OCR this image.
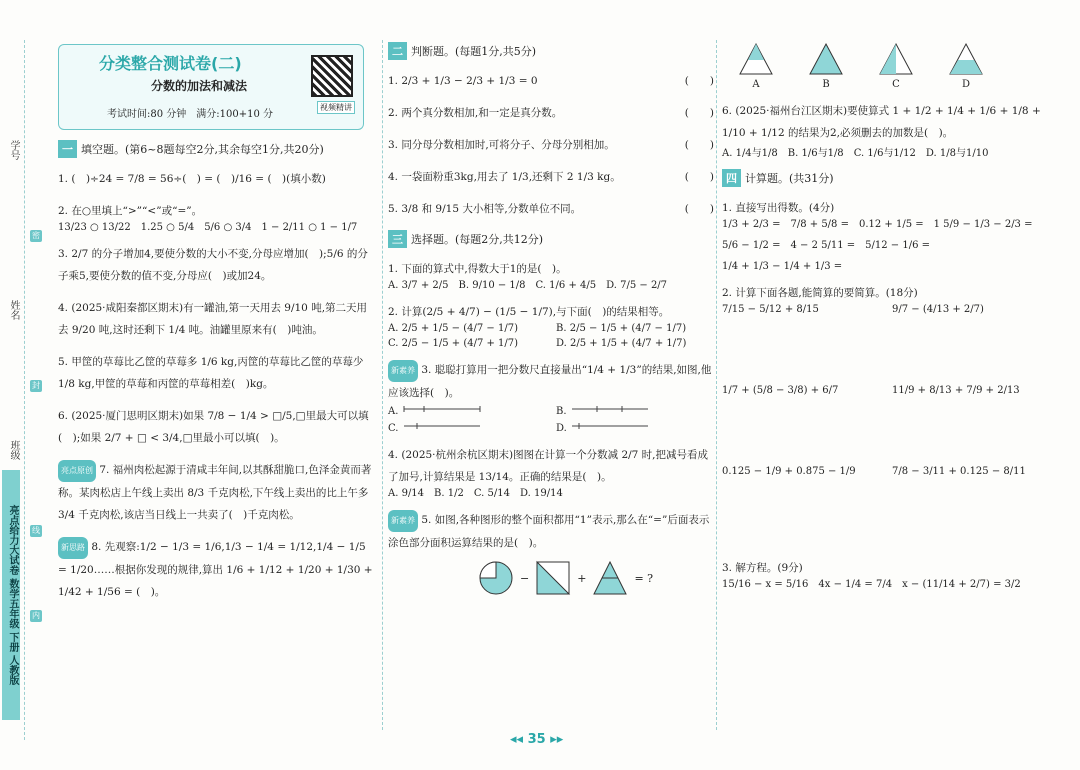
学号
姓名
班级
密
封
线
内
亮点给力大试卷 数学五年级 下册 人教版
分类整合测试卷(二)
分数的加法和减法
考试时间:80 分钟　满分:100+10 分
视频精讲
一 填空题。(第6~8题每空2分,其余每空1分,共20分)
1. (　)÷24 = 7/8 = 56÷(　) = (　)/16 = (　)(填小数)
2. 在○里填上“>”“<”或“=”。
13/23 ○ 13/22 1.25 ○ 5/4 5/6 ○ 3/4 1 − 2/11 ○ 1 − 1/7
3. 2/7 的分子增加4,要使分数的大小不变,分母应增加(　);5/6 的分子乘5,要使分数的值不变,分母应(　)或加24。
4. (2025·咸阳秦都区期末)有一罐油,第一天用去 9/10 吨,第二天用去 9/20 吨,这时还剩下 1/4 吨。油罐里原来有(　)吨油。
5. 甲筐的草莓比乙筐的草莓多 1/6 kg,丙筐的草莓比乙筐的草莓少 1/8 kg,甲筐的草莓和丙筐的草莓相差(　)kg。
6. (2025·厦门思明区期末)如果 7/8 − 1/4 > □/5,□里最大可以填(　);如果 2/7 + □ < 3/4,□里最小可以填(　)。
亮点原创 7. 福州肉松起源于清咸丰年间,以其酥甜脆口,色泽金黄而著称。某肉松店上午线上卖出 8/3 千克肉松,下午线上卖出的比上午多 3/4 千克肉松,该店当日线上一共卖了(　)千克肉松。
新思路 8. 先观察:1/2 − 1/3 = 1/6,1/3 − 1/4 = 1/12,1/4 − 1/5 = 1/20……根据你发现的规律,算出 1/6 + 1/12 + 1/20 + 1/30 + 1/42 + 1/56 = (　)。
二 判断题。(每题1分,共5分)
1. 2/3 + 1/3 − 2/3 + 1/3 = 0	(　　)
2. 两个真分数相加,和一定是真分数。	(　　)
3. 同分母分数相加时,可将分子、分母分别相加。	(　　)
4. 一袋面粉重3kg,用去了 1/3,还剩下 2 1/3 kg。	(　　)
5. 3/8 和 9/15 大小相等,分数单位不同。	(　　)
三 选择题。(每题2分,共12分)
1. 下面的算式中,得数大于1的是(　)。
A. 3/7 + 2/5 B. 9/10 − 1/8 C. 1/6 + 4/5 D. 7/5 − 2/7
2. 计算(2/5 + 4/7) − (1/5 − 1/7),与下面(　)的结果相等。
A. 2/5 + 1/5 − (4/7 − 1/7)	B. 2/5 − 1/5 + (4/7 − 1/7)
C. 2/5 − 1/5 + (4/7 + 1/7)	D. 2/5 + 1/5 + (4/7 + 1/7)
新素养 3. 聪聪打算用一把分数尺直接量出“1/4 + 1/3”的结果,如图,他应该选择(　)。
A.	B.
C.	D.
4. (2025·杭州余杭区期末)图图在计算一个分数减 2/7 时,把减号看成了加号,计算结果是 13/14。正确的结果是(　)。
A. 9/14 B. 1/2 C. 5/14 D. 19/14
新素养 5. 如图,各种图形的整个面积都用“1”表示,那么在“=”后面表示涂色部分面积运算结果的是(　)。
−	+	= ?
A	B	C	D
6. (2025·福州台江区期末)要使算式 1 + 1/2 + 1/4 + 1/6 + 1/8 + 1/10 + 1/12 的结果为2,必须删去的加数是(　)。
A. 1/4与1/8 B. 1/6与1/8 C. 1/6与1/12 D. 1/8与1/10
四 计算题。(共31分)
1. 直接写出得数。(4分)
1/3 + 2/3 = 7/8 + 5/8 = 0.12 + 1/5 = 1 5/9 − 1/3 − 2/3 =
5/6 − 1/2 = 4 − 2 5/11 = 5/12 − 1/6 =
1/4 + 1/3 − 1/4 + 1/3 =
2. 计算下面各题,能简算的要简算。(18分)
7/15 − 5/12 + 8/15	9/7 − (4/13 + 2/7)
1/7 + (5/8 − 3/8) + 6/7	11/9 + 8/13 + 7/9 + 2/13
0.125 − 1/9 + 0.875 − 1/9	7/8 − 3/11 + 0.125 − 8/11
3. 解方程。(9分)
15/16 − x = 5/16 4x − 1/4 = 7/4 x − (11/14 + 2/7) = 3/2
◂◂ 35 ▸▸
